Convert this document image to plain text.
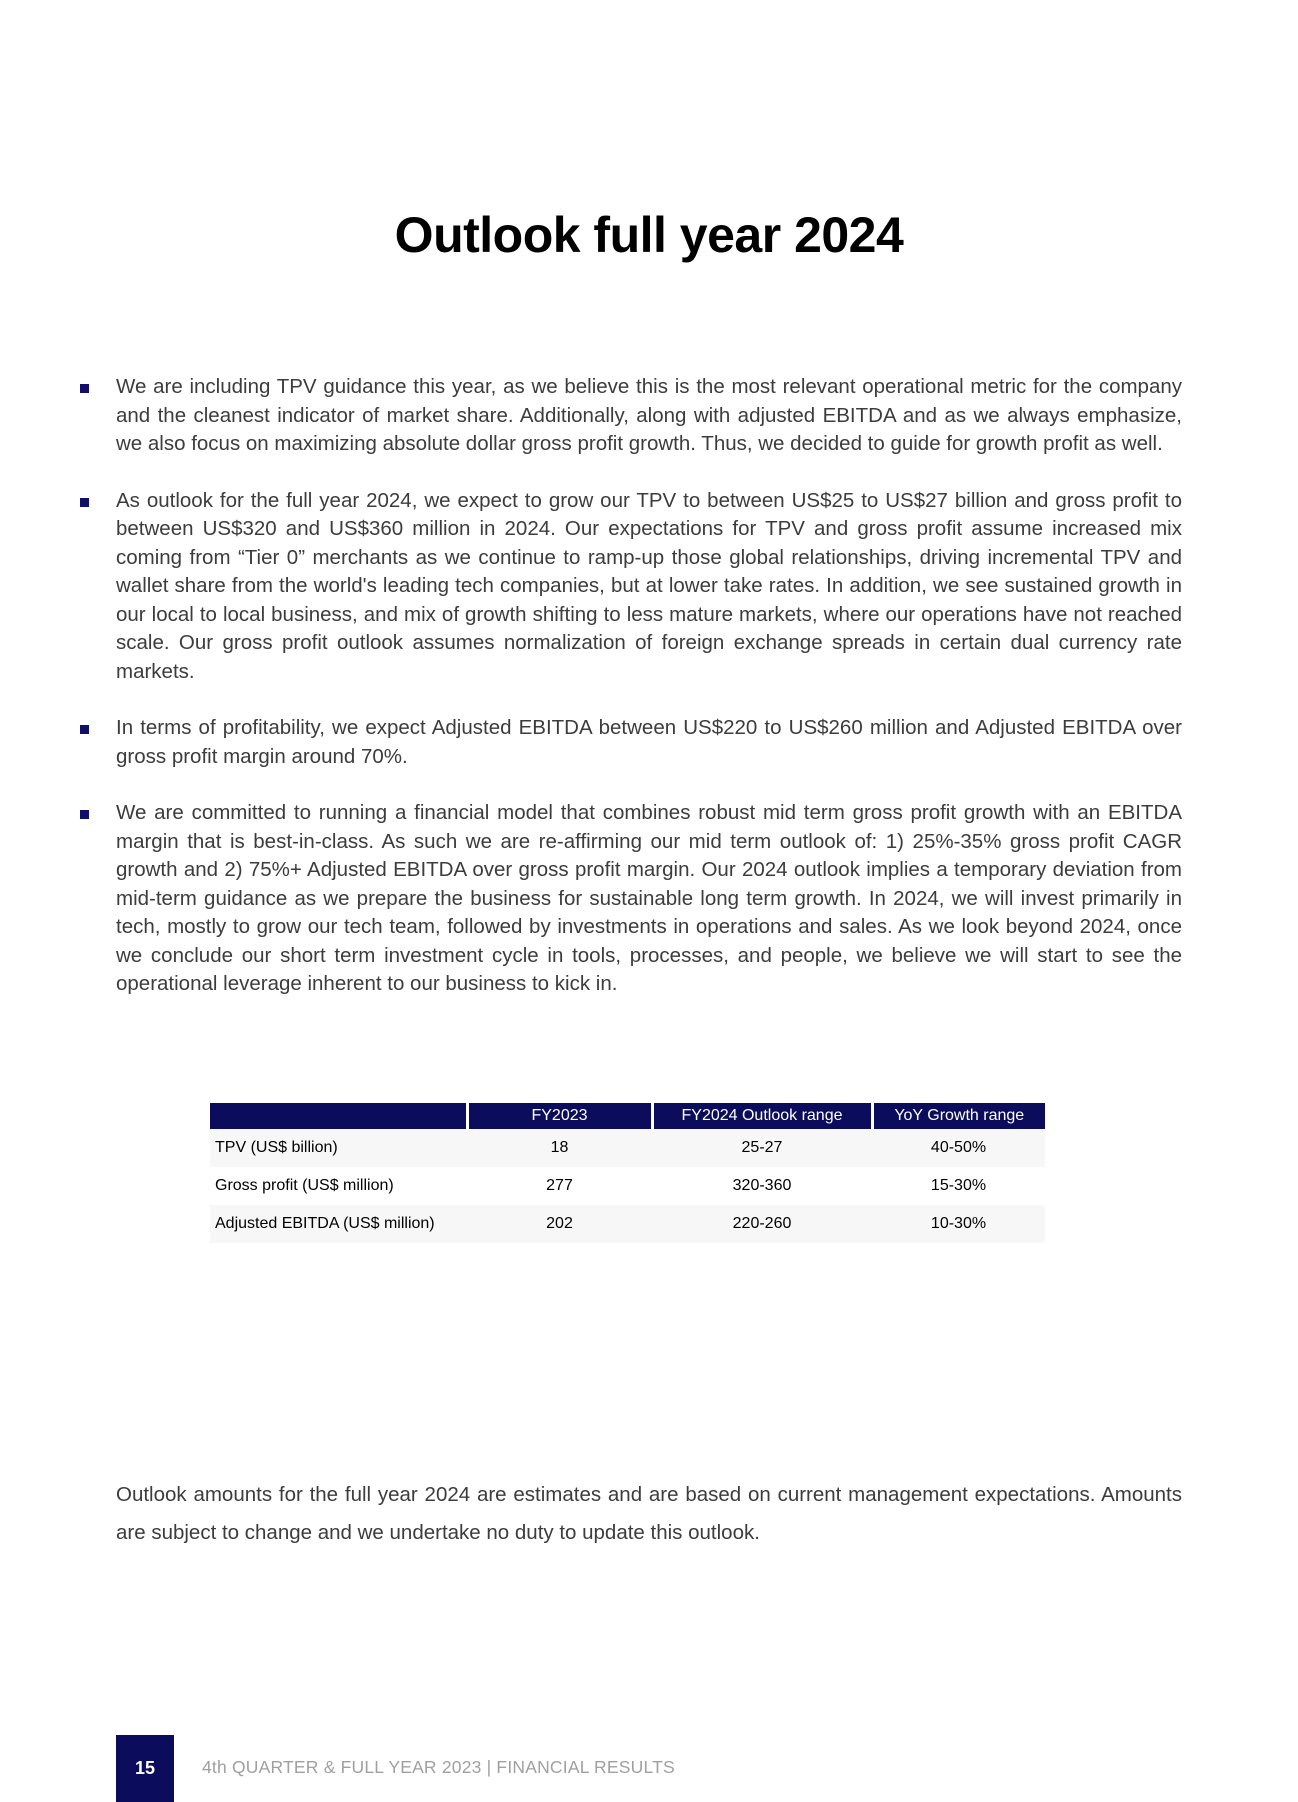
Outlook full year 2024
We are including TPV guidance this year, as we believe this is the most relevant operational metric for the company and the cleanest indicator of market share. Additionally, along with adjusted EBITDA and as we always emphasize, we also focus on maximizing absolute dollar gross profit growth. Thus, we decided to guide for growth profit as well.
As outlook for the full year 2024, we expect to grow our TPV to between US$25 to US$27 billion and gross profit to between US$320 and US$360 million in 2024. Our expectations for TPV and gross profit assume increased mix coming from “Tier 0” merchants as we continue to ramp-up those global relationships, driving incremental TPV and wallet share from the world's leading tech companies, but at lower take rates. In addition, we see sustained growth in our local to local business, and mix of growth shifting to less mature markets, where our operations have not reached scale. Our gross profit outlook assumes normalization of foreign exchange spreads in certain dual currency rate markets.
In terms of profitability, we expect Adjusted EBITDA between US$220 to US$260 million and Adjusted EBITDA over gross profit margin around 70%.
We are committed to running a financial model that combines robust mid term gross profit growth with an EBITDA margin that is best-in-class. As such we are re-affirming our mid term outlook of: 1) 25%-35% gross profit CAGR growth and 2) 75%+ Adjusted EBITDA over gross profit margin. Our 2024 outlook implies a temporary deviation from mid-term guidance as we prepare the business for sustainable long term growth. In 2024, we will invest primarily in tech, mostly to grow our tech team, followed by investments in operations and sales. As we look beyond 2024, once we conclude our short term investment cycle in tools, processes, and people, we believe we will start to see the operational leverage inherent to our business to kick in.
	FY2023	FY2024 Outlook range	YoY Growth range
TPV (US$ billion)	18	25-27	40-50%
Gross profit (US$ million)	277	320-360	15-30%
Adjusted EBITDA (US$ million)	202	220-260	10-30%

Outlook amounts for the full year 2024 are estimates and are based on current management expectations. Amounts are subject to change and we undertake no duty to update this outlook.

15	4th QUARTER & FULL YEAR 2023 | FINANCIAL RESULTS
